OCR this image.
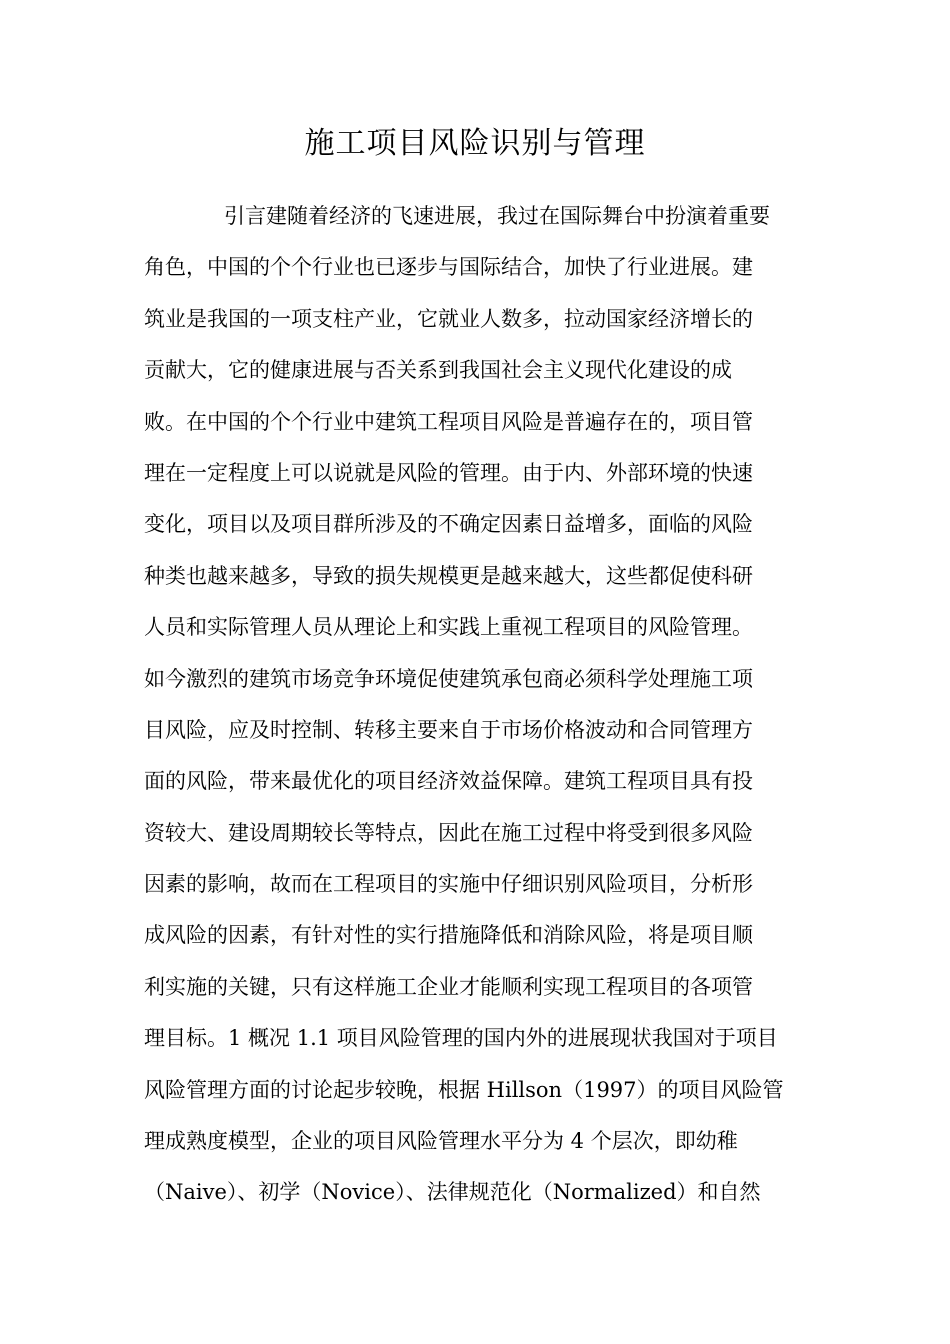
施工项目风险识别与管理
引言建随着经济的飞速进展，我过在国际舞台中扮演着重要
角色，中国的个个行业也已逐步与国际结合，加快了行业进展。建
筑业是我国的一项支柱产业，它就业人数多，拉动国家经济增长的
贡献大，它的健康进展与否关系到我国社会主义现代化建设的成
败。在中国的个个行业中建筑工程项目风险是普遍存在的，项目管
理在一定程度上可以说就是风险的管理。由于内、外部环境的快速
变化，项目以及项目群所涉及的不确定因素日益增多，面临的风险
种类也越来越多，导致的损失规模更是越来越大，这些都促使科研
人员和实际管理人员从理论上和实践上重视工程项目的风险管理。
如今激烈的建筑市场竞争环境促使建筑承包商必须科学处理施工项
目风险，应及时控制、转移主要来自于市场价格波动和合同管理方
面的风险，带来最优化的项目经济效益保障。建筑工程项目具有投
资较大、建设周期较长等特点，因此在施工过程中将受到很多风险
因素的影响，故而在工程项目的实施中仔细识别风险项目，分析形
成风险的因素，有针对性的实行措施降低和消除风险，将是项目顺
利实施的关键，只有这样施工企业才能顺利实现工程项目的各项管
理目标。1 概况 1.1 项目风险管理的国内外的进展现状我国对于项目
风险管理方面的讨论起步较晚，根据 Hillson（1997）的项目风险管
理成熟度模型，企业的项目风险管理水平分为 4 个层次，即幼稚
（Naive）、初学（Novice）、法律规范化（Normalized）和自然
